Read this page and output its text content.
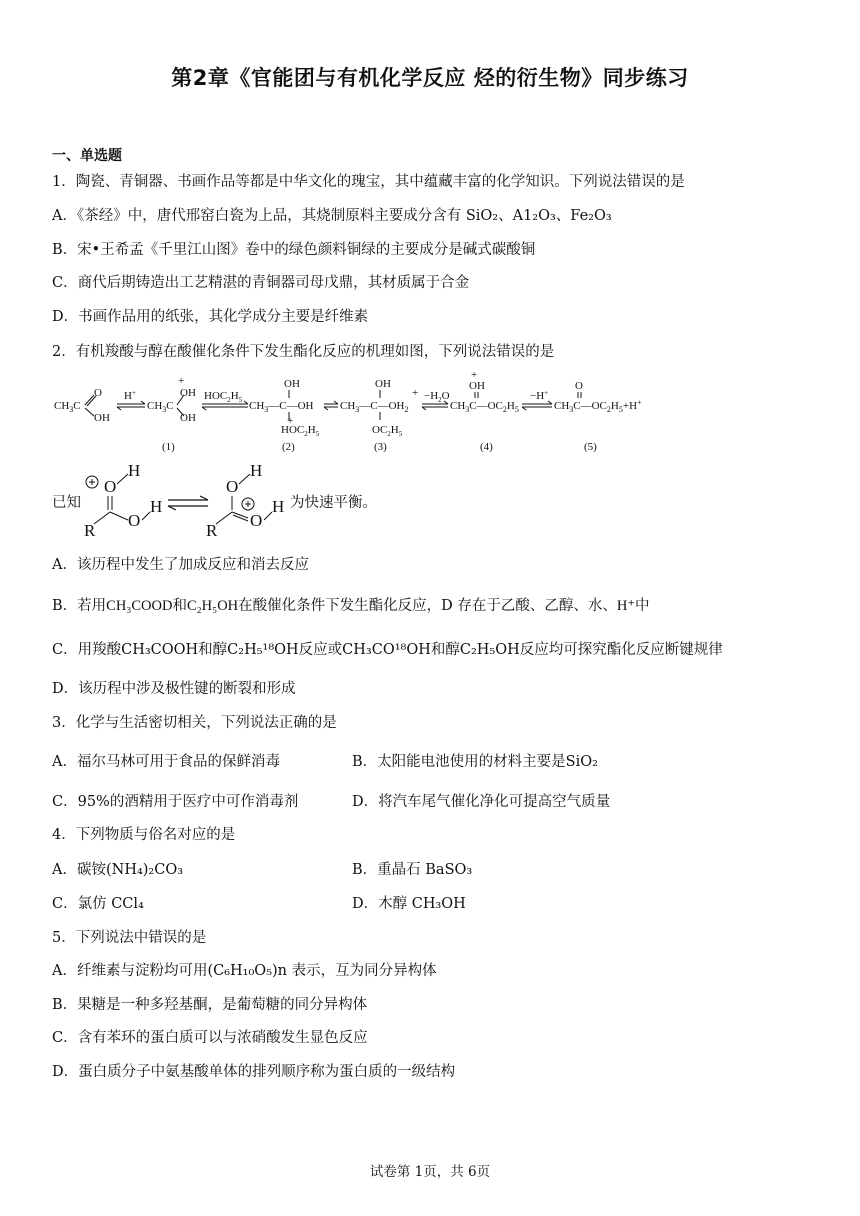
第2章《官能团与有机化学反应 烃的衍生物》同步练习
一、单选题
1．陶瓷、青铜器、书画作品等都是中华文化的瑰宝，其中蕴藏丰富的化学知识。下列说法错误的是
A．《茶经》中，唐代邢窑白瓷为上品，其烧制原料主要成分含有 SiO₂、A1₂O₃、Fe₂O₃
B．宋•王希孟《千里江山图》卷中的绿色颜料铜绿的主要成分是碱式碳酸铜
C．商代后期铸造出工艺精湛的青铜器司母戊鼎，其材质属于合金
D．书画作品用的纸张，其化学成分主要是纤维素
2．有机羧酸与醇在酸催化条件下发生酯化反应的机理如图，下列说法错误的是
$CH_3C$
O
OH
H+
$CH_3C$
+
OH
OH
$HOC_2H_5$ $CH_3—C—OH$
OH
$HOC_2H_5$
+
$CH_3—C—OH_2$
OH
$OC_2H_5$
+ $-H_2O$
$CH_3C—OC_2H_5$
+
OH
−H+
$CH_3C—OC_2H_5+H^+$
O
(1)	(2)	(3)	(4)	(5)
已知
O
H
R
O
H
O
H
R
O
H 为快速平衡。
A．该历程中发生了加成反应和消去反应
B．若用CH₃COOD和C₂H₅OH在酸催化条件下发生酯化反应，D 存在于乙酸、乙醇、水、H⁺中
C．用羧酸CH₃COOH和醇C₂H₅¹⁸OH反应或CH₃CO¹⁸OH和醇C₂H₅OH反应均可探究酯化反应断键规律
D．该历程中涉及极性键的断裂和形成
3．化学与生活密切相关，下列说法正确的是
A．福尔马林可用于食品的保鲜消毒	B．太阳能电池使用的材料主要是SiO₂
C．95%的酒精用于医疗中可作消毒剂	D．将汽车尾气催化净化可提高空气质量
4．下列物质与俗名对应的是
A．碳铵(NH₄)₂CO₃	B．重晶石 BaSO₃
C．氯仿 CCl₄	D．木醇 CH₃OH
5．下列说法中错误的是
A．纤维素与淀粉均可用(C₆H₁₀O₅)n 表示，互为同分异构体
B．果糖是一种多羟基酮，是葡萄糖的同分异构体
C．含有苯环的蛋白质可以与浓硝酸发生显色反应
D．蛋白质分子中氨基酸单体的排列顺序称为蛋白质的一级结构
试卷第 1页，共 6页
